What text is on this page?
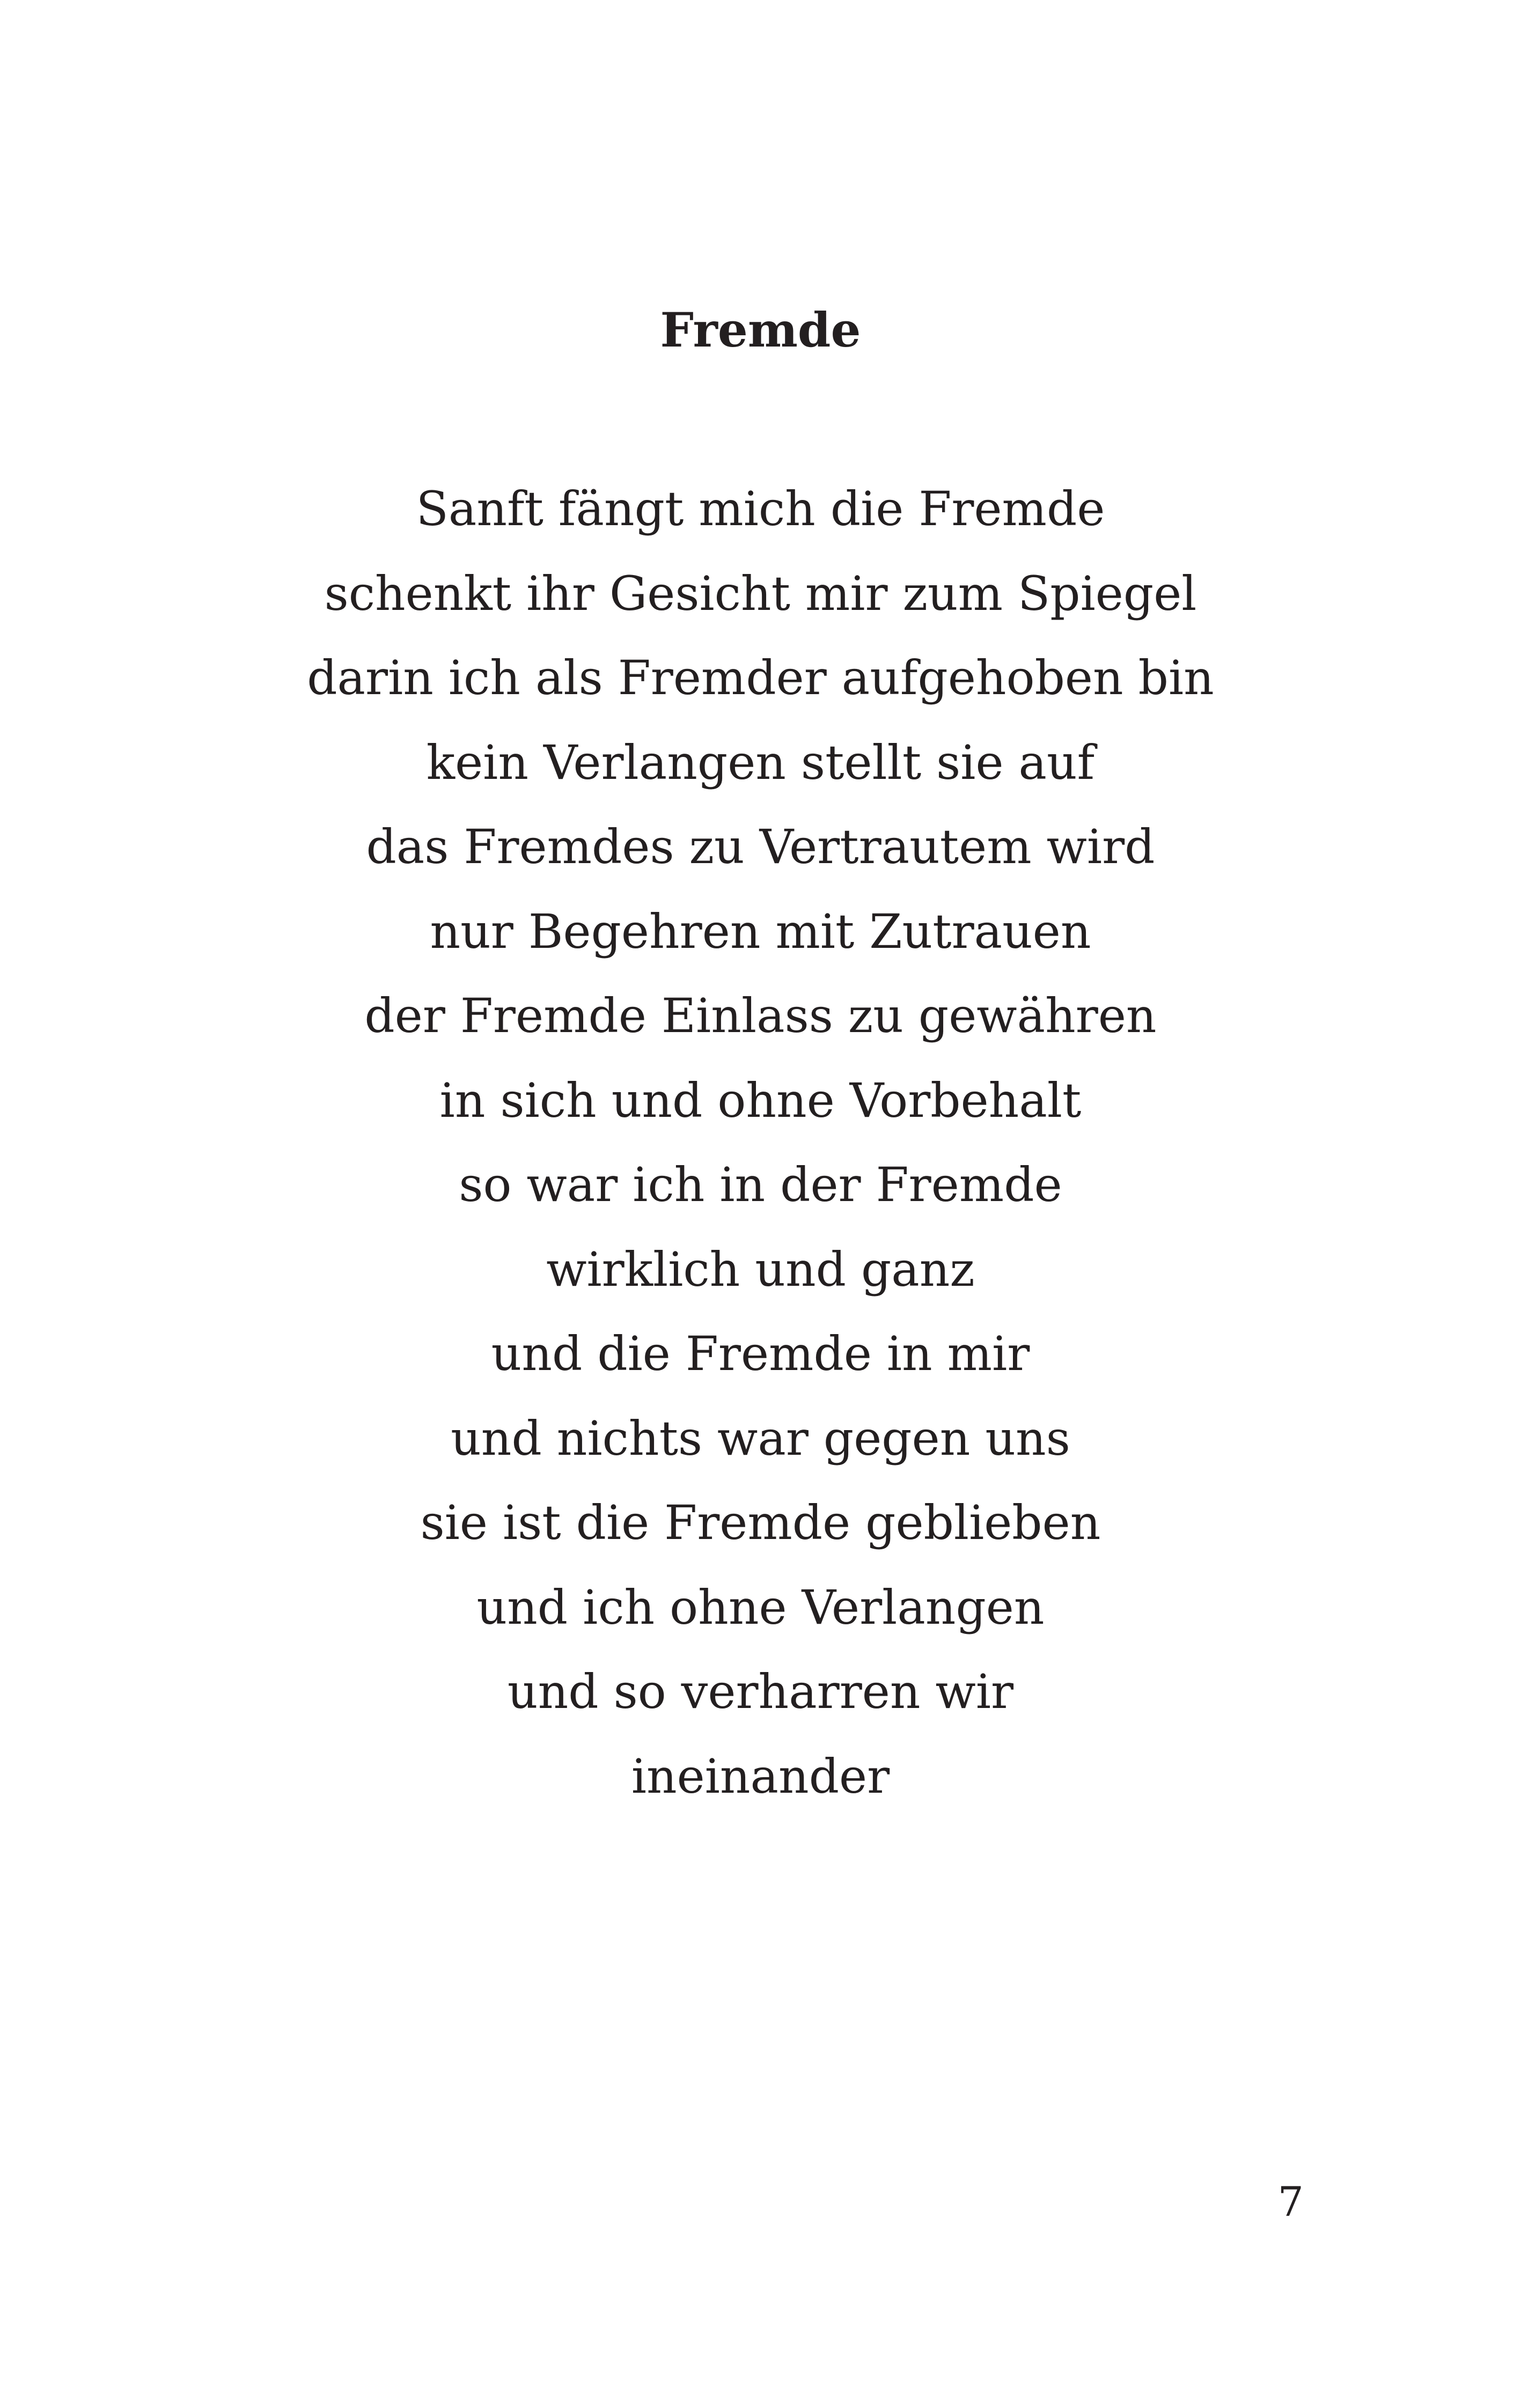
Fremde
Sanft fängt mich die Fremde
schenkt ihr Gesicht mir zum Spiegel
darin ich als Fremder aufgehoben bin
kein Verlangen stellt sie auf
das Fremdes zu Vertrautem wird
nur Begehren mit Zutrauen
der Fremde Einlass zu gewähren
in sich und ohne Vorbehalt
so war ich in der Fremde
wirklich und ganz
und die Fremde in mir
und nichts war gegen uns
sie ist die Fremde geblieben
und ich ohne Verlangen
und so verharren wir
ineinander

7
